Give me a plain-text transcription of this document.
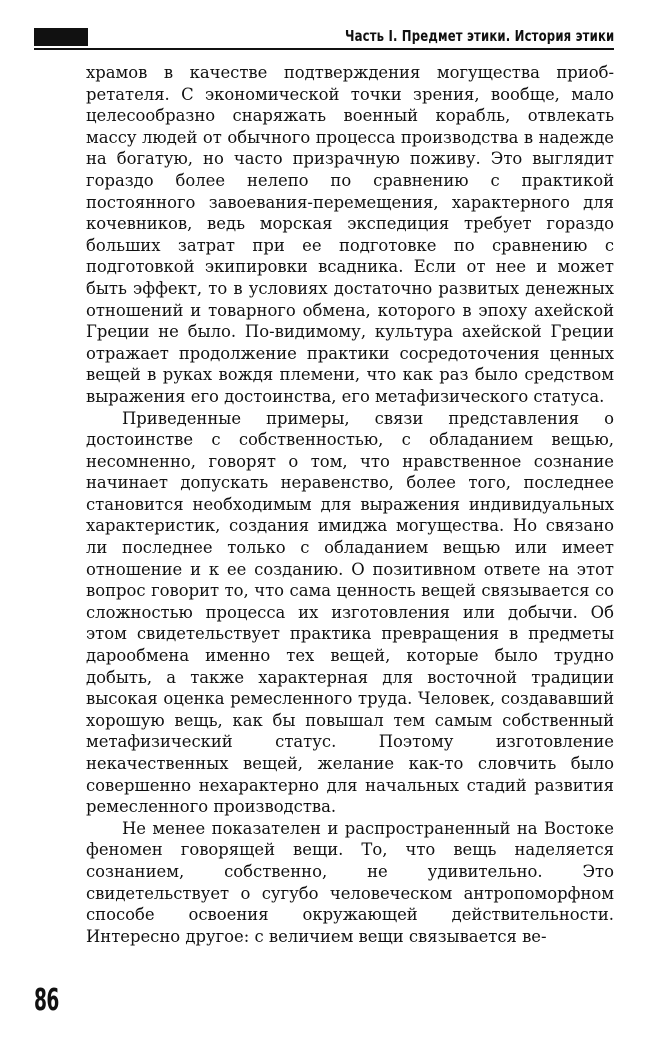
Часть I. Предмет этики. История этики

храмов в качестве подтверждения могущества приобретателя. С экономической точки зрения, вообще, мало целесообразно снаряжать военный корабль, отвлекать массу людей от обычного процесса производства в надежде на богатую, но часто призрачную поживу. Это выглядит гораздо более нелепо по сравнению с практикой постоянного завоевания-перемещения, характерного для кочевников, ведь морская экспедиция требует гораздо больших затрат при ее подготовке по сравнению с подготовкой экипировки всадника. Если от нее и может быть эффект, то в условиях достаточно развитых денежных отношений и товарного обмена, которого в эпоху ахейской Греции не было. По-видимому, культура ахейской Греции отражает продолжение практики сосредоточения ценных вещей в руках вождя племени, что как раз было средством выражения его достоинства, его метафизического статуса.

Приведенные примеры, связи представления о достоинстве с собственностью, с обладанием вещью, несомненно, говорят о том, что нравственное сознание начинает допускать неравенство, более того, последнее становится необходимым для выражения индивидуальных характеристик, создания имиджа могущества. Но связано ли последнее только с обладанием вещью или имеет отношение и к ее созданию. О позитивном ответе на этот вопрос говорит то, что сама ценность вещей связывается со сложностью процесса их изготовления или добычи. Об этом свидетельствует практика превращения в предметы дарообмена именно тех вещей, которые было трудно добыть, а также характерная для восточной традиции высокая оценка ремесленного труда. Человек, создававший хорошую вещь, как бы повышал тем самым собственный метафизический статус. Поэтому изготовление некачественных вещей, желание как-то словчить было совершенно нехарактерно для начальных стадий развития ремесленного производства.

Не менее показателен и распространенный на Востоке феномен говорящей вещи. То, что вещь наделяется сознанием, собственно, не удивительно. Это свидетельствует о сугубо человеческом антропоморфном способе освоения окружающей действительности. Интересно другое: с величием вещи связывается ве-

86
